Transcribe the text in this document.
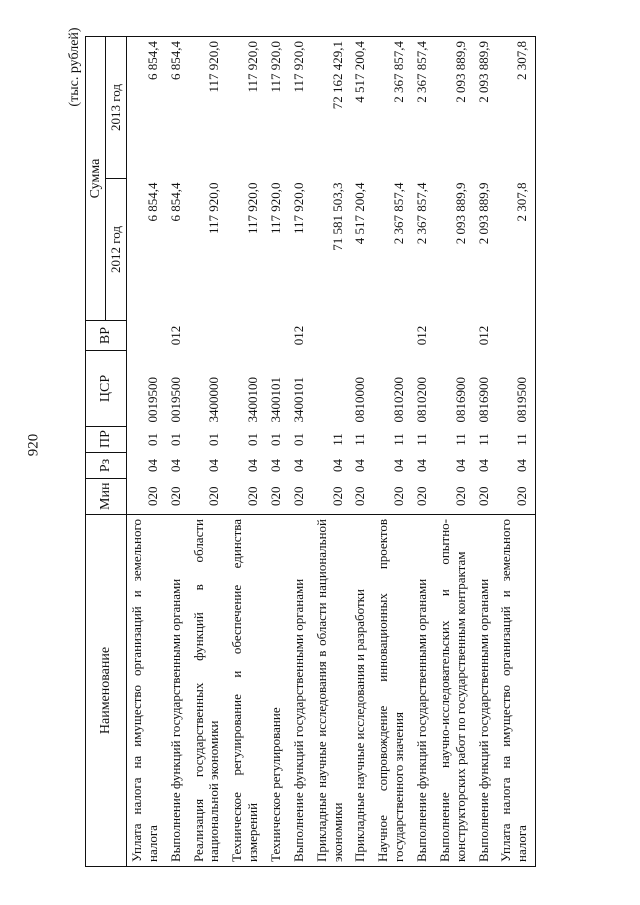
920
(тыс. рублей)
Наименование	Мин	Рз	ПР	ЦСР	ВР	Сумма	
						2012 год	2013 год
Уплата налога на имущество организаций и земельного налога	020	04	01	0019500		6 854,4	6 854,4
Выполнение функций государственными органами	020	04	01	0019500	012	6 854,4	6 854,4
Реализация государственных функций в области национальной экономики	020	04	01	3400000		117 920,0	117 920,0
Техническое регулирование и обеспечение единства измерений	020	04	01	3400100		117 920,0	117 920,0
Техническое регулирование	020	04	01	3400101		117 920,0	117 920,0
Выполнение функций государственными органами	020	04	01	3400101	012	117 920,0	117 920,0
Прикладные научные исследования в области национальной экономики	020	04	11			71 581 503,3	72 162 429,1
Прикладные научные исследования и разработки	020	04	11	0810000		4 517 200,4	4 517 200,4
Научное сопровождение инновационных проектов государственного значения	020	04	11	0810200		2 367 857,4	2 367 857,4
Выполнение функций государственными органами	020	04	11	0810200	012	2 367 857,4	2 367 857,4
Выполнение научно-исследовательских и опытно-конструкторских работ по государственным контрактам	020	04	11	0816900		2 093 889,9	2 093 889,9
Выполнение функций государственными органами	020	04	11	0816900	012	2 093 889,9	2 093 889,9
Уплата налога на имущество организаций и земельного налога	020	04	11	0819500		2 307,8	2 307,8
